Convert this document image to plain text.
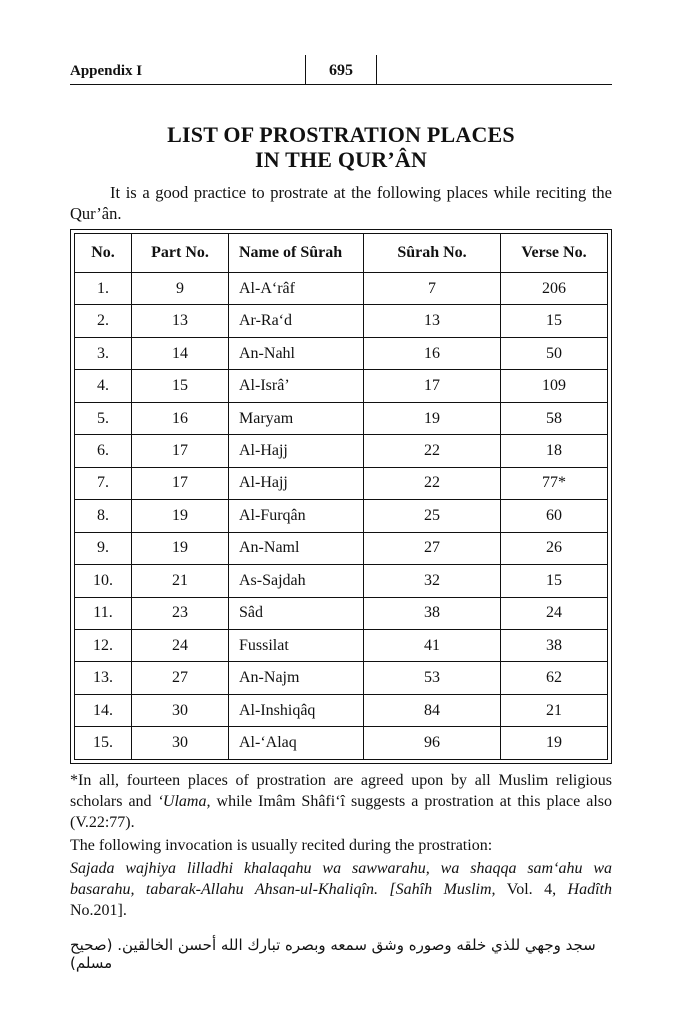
Appendix I	695
LIST OF PROSTRATION PLACES
IN THE QUR’ÂN

It is a good practice to prostrate at the following places while reciting the Qur’ân.

No.	Part No.	Name of Sûrah	Sûrah No.	Verse No.
1.	9	Al-A‘râf	7	206
2.	13	Ar-Ra‘d	13	15
3.	14	An-Nahl	16	50
4.	15	Al-Isrâ’	17	109
5.	16	Maryam	19	58
6.	17	Al-Hajj	22	18
7.	17	Al-Hajj	22	77*
8.	19	Al-Furqân	25	60
9.	19	An-Naml	27	26
10.	21	As-Sajdah	32	15
11.	23	Sâd	38	24
12.	24	Fussilat	41	38
13.	27	An-Najm	53	62
14.	30	Al-Inshiqâq	84	21
15.	30	Al-‘Alaq	96	19

*In all, fourteen places of prostration are agreed upon by all Muslim religious scholars and ‘Ulama, while Imâm Shâfi‘î suggests a prostration at this place also (V.22:77).

The following invocation is usually recited during the prostration:

Sajada wajhiya lilladhi khalaqahu wa sawwarahu, wa shaqqa sam‘ahu wa basarahu, tabarak-Allahu Ahsan-ul-Khaliqîn. [Sahîh Muslim, Vol. 4, Hadîth No.201].

سجد وجهي للذي خلقه وصوره وشق سمعه وبصره تبارك الله أحسن الخالقين. (صحيح مسلم)
